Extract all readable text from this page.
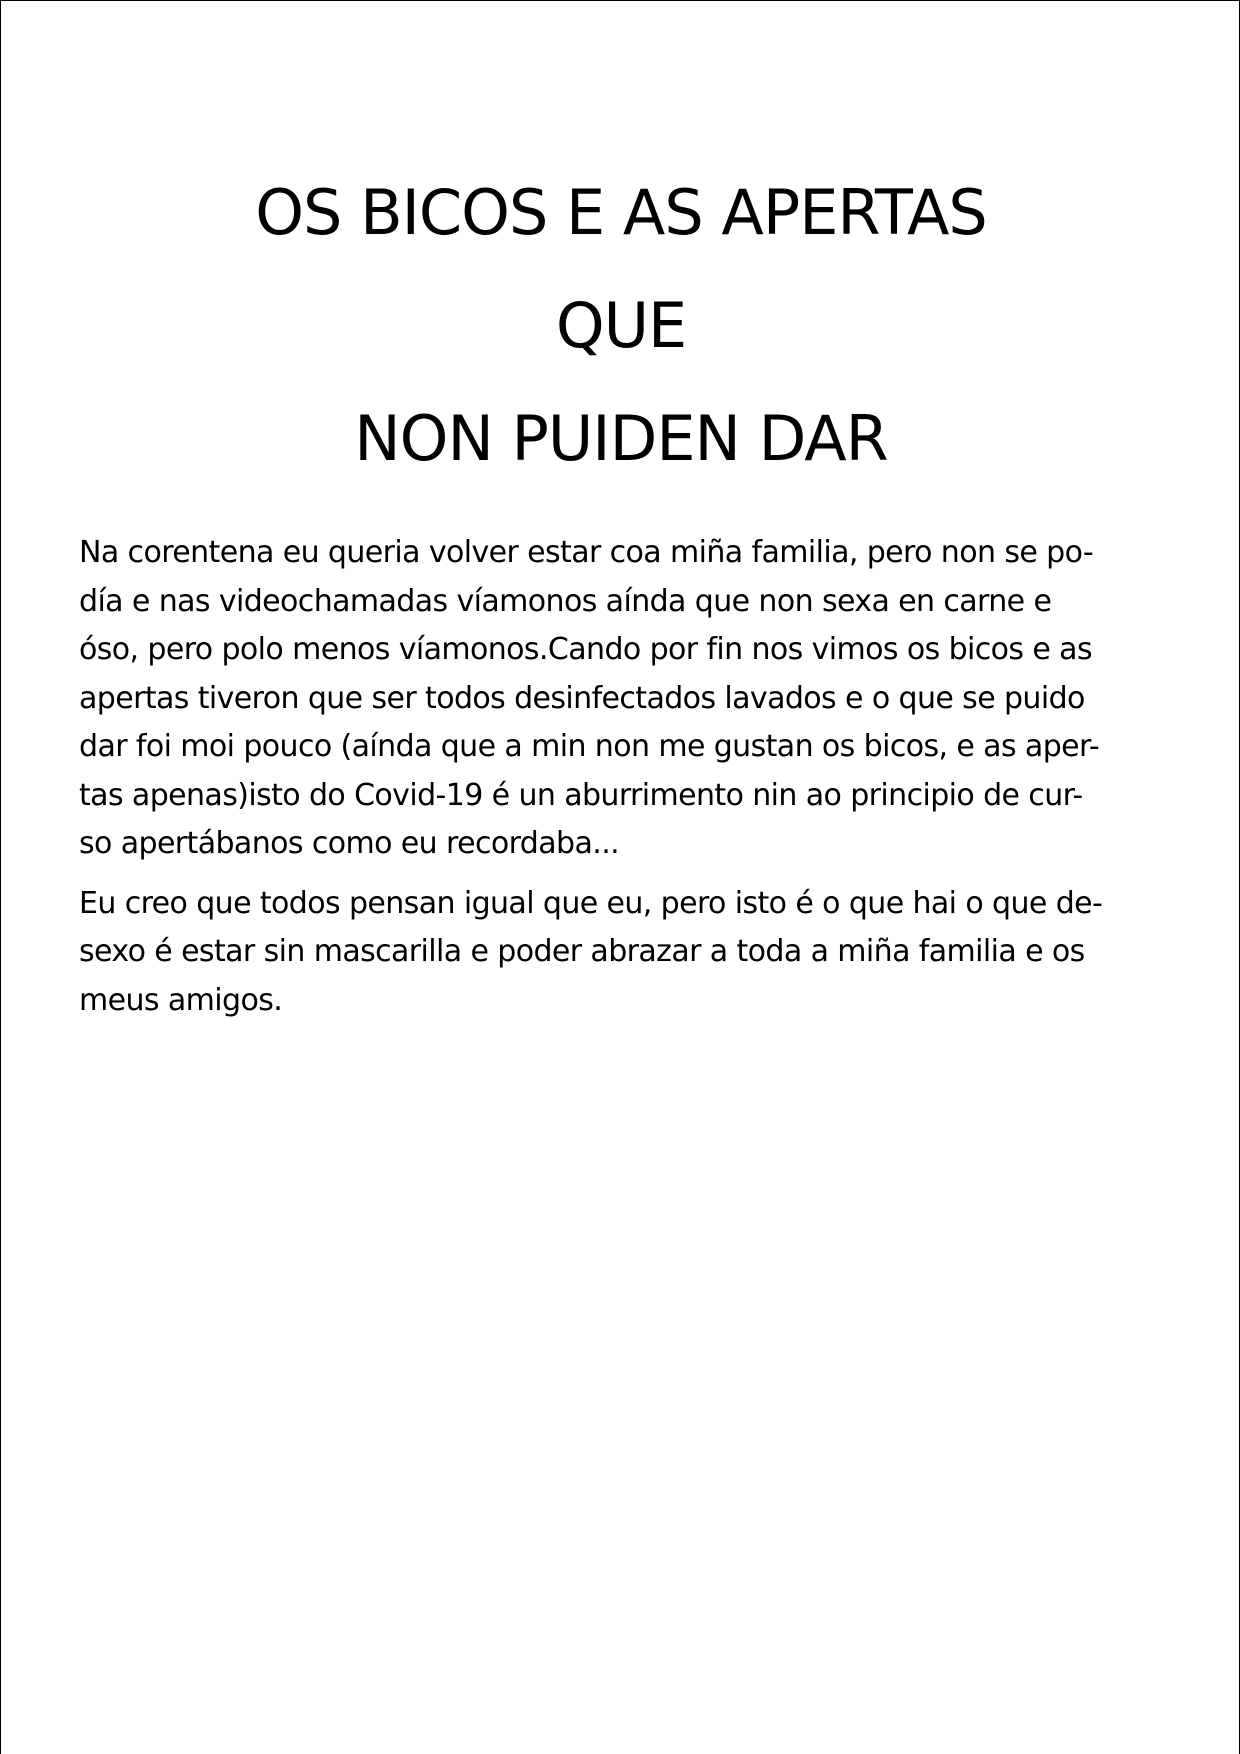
OS BICOS E AS APERTAS
QUE
NON PUIDEN DAR

Na corentena eu queria volver estar coa miña familia, pero non se po-
día e nas videochamadas víamonos aínda que non sexa en carne e
óso, pero polo menos víamonos.Cando por fin nos vimos os bicos e as
apertas tiveron que ser todos desinfectados lavados e o que se puido
dar foi moi pouco (aínda que a min non me gustan os bicos, e as aper-
tas apenas)isto do Covid-19 é un aburrimento nin ao principio de cur-
so apertábanos como eu recordaba...

Eu creo que todos pensan igual que eu, pero isto é o que hai o que de-
sexo é estar sin mascarilla e poder abrazar a toda a miña familia e os
meus amigos.
